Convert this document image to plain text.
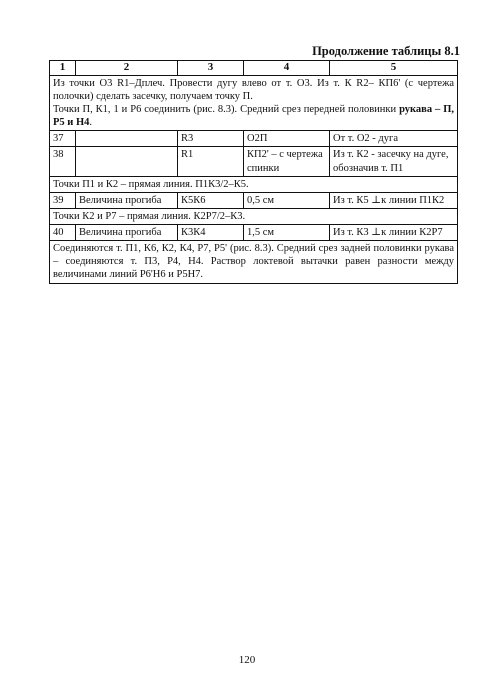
Продолжение таблицы 8.1
1	2	3	4	5

Из точки О3 R1–Дплеч. Провести дугу влево от т. О3. Из т. К R2– КП6' (с чертежа полочки) сделать засечку, получаем точку П.
Точки П, К1, 1 и Р6 соединить (рис. 8.3). Средний срез передней половинки рукава – П, Р5 и Н4.				

37		R3	О2П	От т. О2 - дуга
38		R1	КП2' – с чертежа спинки	Из т. К2 - засечку на дуге, обозначив т. П1
Точки П1 и К2 – прямая линия. П1К3/2–К5.				
39	Величина прогиба	К5К6	0,5 см	Из т. К5 ⊥к линии П1К2
Точки К2 и Р7 – прямая линия. К2Р7/2–К3.				
40	Величина прогиба	К3К4	1,5 см	Из т. К3 ⊥к линии К2Р7
Соединяются т. П1, К6, К2, К4, Р7, Р5' (рис. 8.3). Средний срез задней половинки рукава – соединяются т. П3, Р4, Н4. Раствор локтевой вытачки равен разности между величинами линий Р6'Н6 и Р5Н7.				
120
